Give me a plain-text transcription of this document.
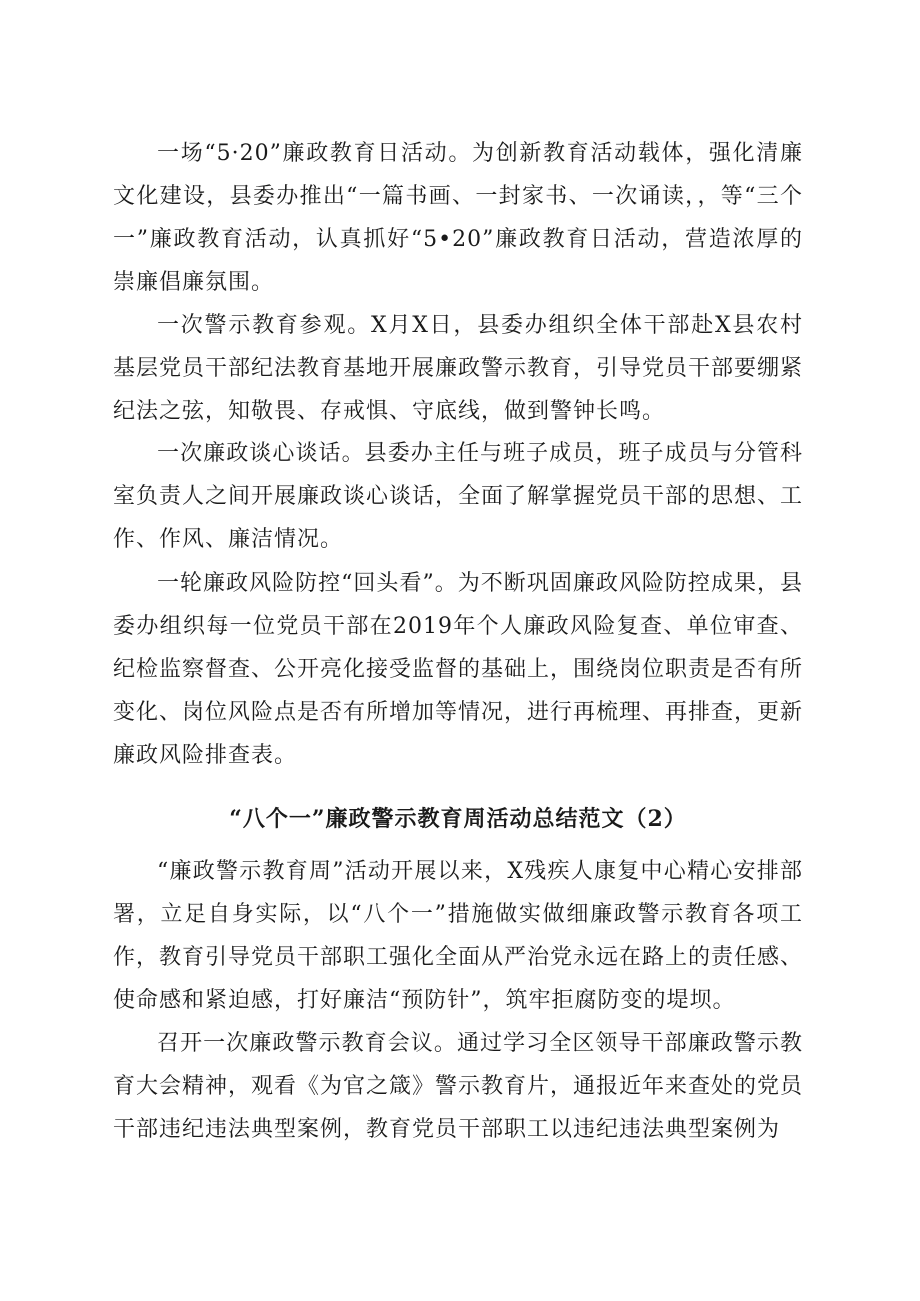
一场“5·20”廉政教育日活动。为创新教育活动载体，强化清廉文化建设，县委办推出“一篇书画、一封家书、一次诵读，，等“三个一”廉政教育活动，认真抓好“5•20”廉政教育日活动，营造浓厚的崇廉倡廉氛围。

一次警示教育参观。X月X日，县委办组织全体干部赴X县农村基层党员干部纪法教育基地开展廉政警示教育，引导党员干部要绷紧纪法之弦，知敬畏、存戒惧、守底线，做到警钟长鸣。

一次廉政谈心谈话。县委办主任与班子成员，班子成员与分管科室负责人之间开展廉政谈心谈话，全面了解掌握党员干部的思想、工作、作风、廉洁情况。

一轮廉政风险防控“回头看”。为不断巩固廉政风险防控成果，县委办组织每一位党员干部在2019年个人廉政风险复查、单位审查、纪检监察督查、公开亮化接受监督的基础上，围绕岗位职责是否有所变化、岗位风险点是否有所增加等情况，进行再梳理、再排查，更新廉政风险排查表。

“八个一”廉政警示教育周活动总结范文（2）

“廉政警示教育周”活动开展以来，X残疾人康复中心精心安排部署，立足自身实际，以“八个一”措施做实做细廉政警示教育各项工作，教育引导党员干部职工强化全面从严治党永远在路上的责任感、使命感和紧迫感，打好廉洁“预防针”，筑牢拒腐防变的堤坝。

召开一次廉政警示教育会议。通过学习全区领导干部廉政警示教育大会精神，观看《为官之箴》警示教育片，通报近年来查处的党员干部违纪违法典型案例，教育党员干部职工以违纪违法典型案例为
